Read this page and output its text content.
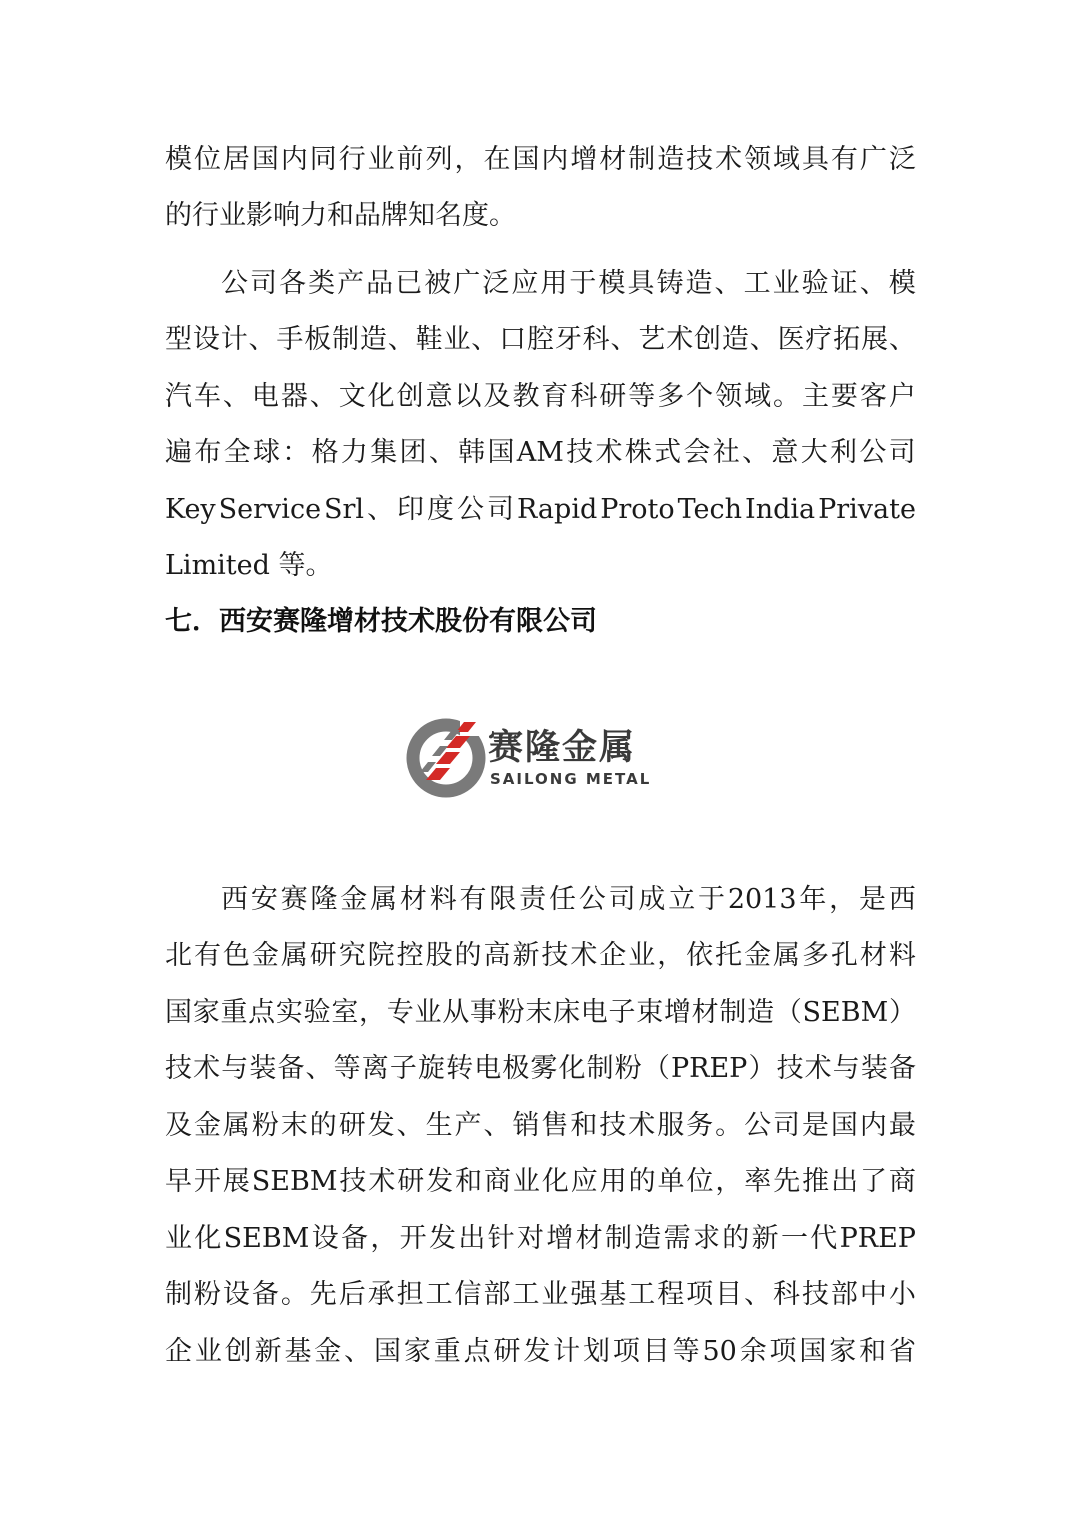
模 位 居 国 内 同 行 业 前 列 ， 在 国 内 增 材 制 造 技 术 领 域 具 有 广 泛
的行业影响力和品牌知名度。
公 司 各 类 产 品 已 被 广 泛 应 用 于 模 具 铸 造 、 工 业 验 证 、 模
型 设 计 、 手 板 制 造 、 鞋 业 、 口 腔 牙 科 、 艺 术 创 造 、 医 疗 拓 展 、
汽 车 、 电 器 、 文 化 创 意 以 及 教 育 科 研 等 多 个 领 域 。 主 要 客 户
遍 布 全 球 ： 格 力 集 团 、 韩 国 AM 技 术 株 式 会 社 、 意 大 利 公 司
Key Service Srl 、 印 度 公 司 Rapid Proto Tech India Private
Limited 等。
七．西安赛隆增材技术股份有限公司
赛隆金属
SAILONG METAL
西 安 赛 隆 金 属 材 料 有 限 责 任 公 司 成 立 于 2013 年 ， 是 西
北 有 色 金 属 研 究 院 控 股 的 高 新 技 术 企 业 ， 依 托 金 属 多 孔 材 料
国 家 重 点 实 验 室 ， 专 业 从 事 粉 末 床 电 子 束 增 材 制 造 （ SEBM ）
技 术 与 装 备 、 等 离 子 旋 转 电 极 雾 化 制 粉 （ PREP ） 技 术 与 装 备
及 金 属 粉 末 的 研 发 、 生 产 、 销 售 和 技 术 服 务 。 公 司 是 国 内 最
早 开 展 SEBM 技 术 研 发 和 商 业 化 应 用 的 单 位 ， 率 先 推 出 了 商
业 化 SEBM 设 备 ， 开 发 出 针 对 增 材 制 造 需 求 的 新 一 代 PREP
制 粉 设 备 。 先 后 承 担 工 信 部 工 业 强 基 工 程 项 目 、 科 技 部 中 小
企 业 创 新 基 金 、 国 家 重 点 研 发 计 划 项 目 等 50 余 项 国 家 和 省
